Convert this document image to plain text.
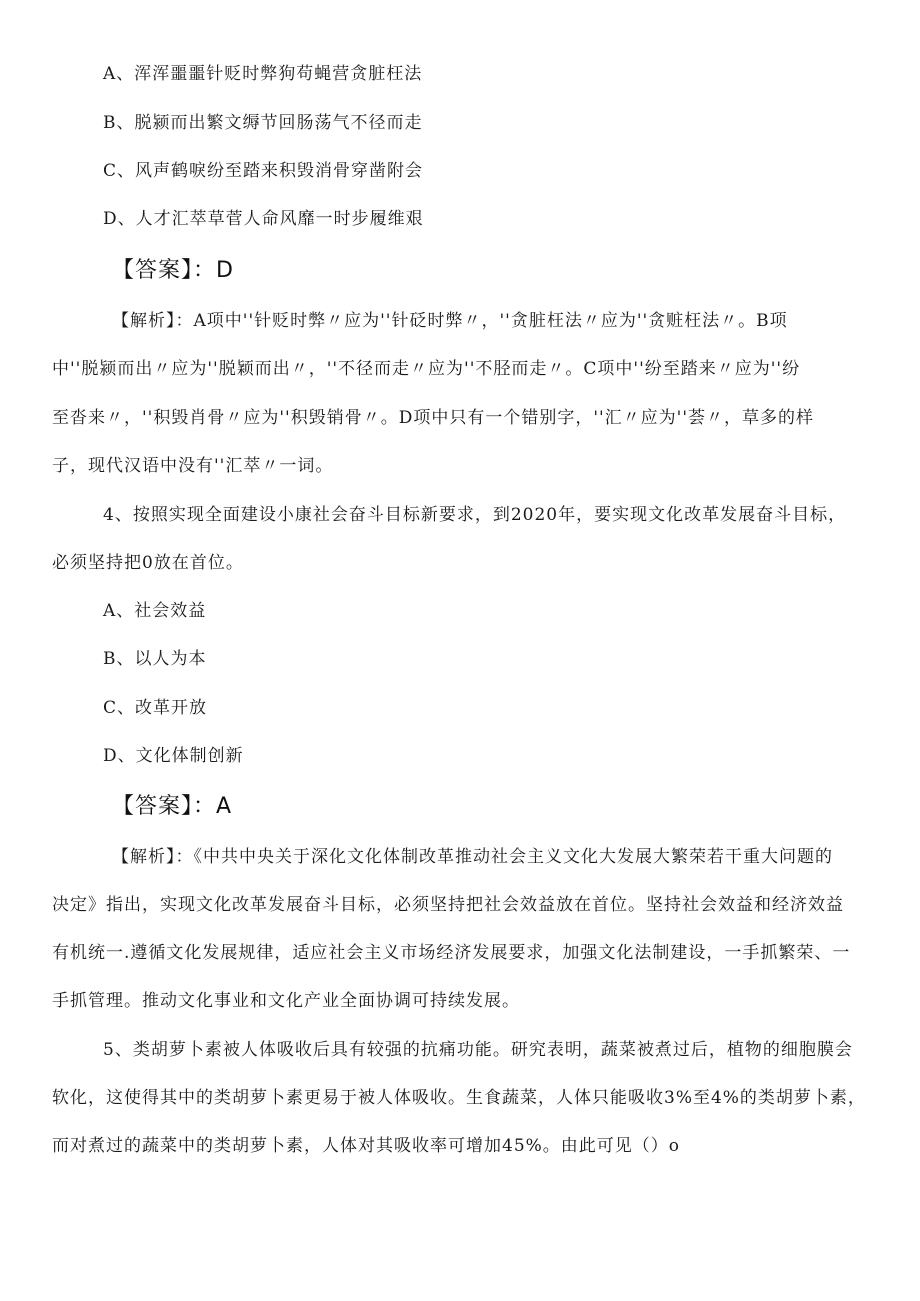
A、浑浑噩噩针贬时弊狗苟蝇营贪脏枉法
B、脱颍而出繁文缛节回肠荡气不径而走
C、风声鹤唳纷至踏来积毁消骨穿凿附会
D、人才汇萃草菅人命风靡一时步履维艰
【答案】：D
【解析】：A项中''针贬时弊〃应为''针砭时弊〃，''贪脏枉法〃应为''贪赃枉法〃。B项
中''脱颍而出〃应为''脱颖而出〃，''不径而走〃应为''不胫而走〃。C项中''纷至踏来〃应为''纷
至沓来〃，''积毁肖骨〃应为''积毁销骨〃。D项中只有一个错别字，''汇〃应为''荟〃，草多的样
子，现代汉语中没有''汇萃〃一词。
4、按照实现全面建设小康社会奋斗目标新要求，到2020年，要实现文化改革发展奋斗目标，
必须坚持把0放在首位。
A、社会效益
B、以人为本
C、改革开放
D、文化体制创新
【答案】：A
【解析】：《中共中央关于深化文化体制改革推动社会主义文化大发展大繁荣若干重大问题的
决定》指出，实现文化改革发展奋斗目标，必须坚持把社会效益放在首位。坚持社会效益和经济效益
有机统一.遵循文化发展规律，适应社会主义市场经济发展要求，加强文化法制建设，一手抓繁荣、一
手抓管理。推动文化事业和文化产业全面协调可持续发展。
5、类胡萝卜素被人体吸收后具有较强的抗痛功能。研究表明，蔬菜被煮过后，植物的细胞膜会
软化，这使得其中的类胡萝卜素更易于被人体吸收。生食蔬菜，人体只能吸收3%至4%的类胡萝卜素，
而对煮过的蔬菜中的类胡萝卜素，人体对其吸收率可增加45%。由此可见（）o
